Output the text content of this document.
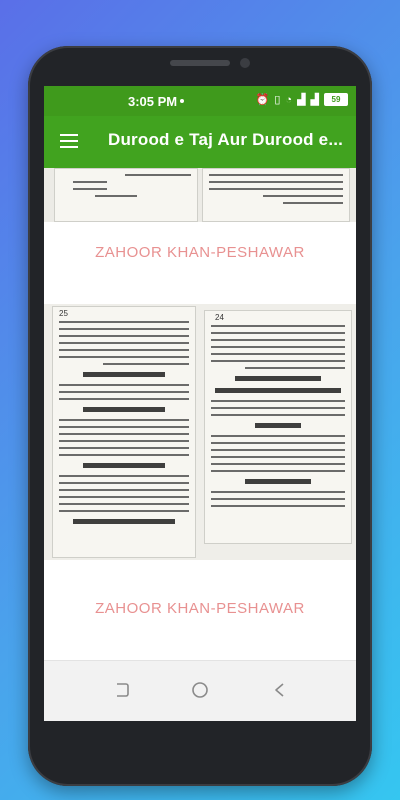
3:05 PM	⏰ ▯ ◔ ▟ ▟	59
Durood e Taj Aur Durood e...
ZAHOOR KHAN-PESHAWAR
25	24
ZAHOOR KHAN-PESHAWAR
